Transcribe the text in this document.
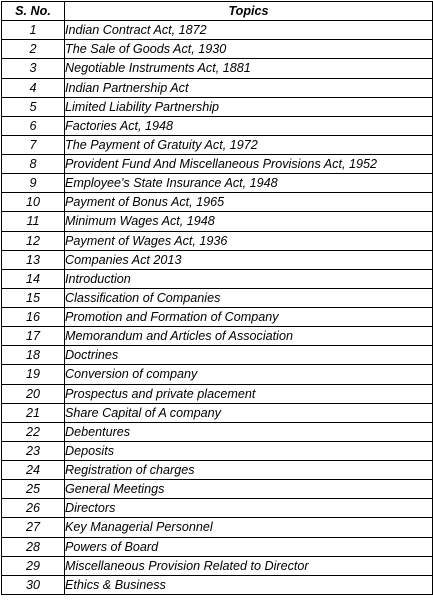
S. No.	Topics
1	Indian Contract Act, 1872
2	The Sale of Goods Act, 1930
3	Negotiable Instruments Act, 1881
4	Indian Partnership Act
5	Limited Liability Partnership
6	Factories Act, 1948
7	The Payment of Gratuity Act, 1972
8	Provident Fund And Miscellaneous Provisions Act, 1952
9	Employee's State Insurance Act, 1948
10	Payment of Bonus Act, 1965
11	Minimum Wages Act, 1948
12	Payment of Wages Act, 1936
13	Companies Act 2013
14	Introduction
15	Classification of Companies
16	Promotion and Formation of Company
17	Memorandum and Articles of Association
18	Doctrines
19	Conversion of company
20	Prospectus and private placement
21	Share Capital of A company
22	Debentures
23	Deposits
24	Registration of charges
25	General Meetings
26	Directors
27	Key Managerial Personnel
28	Powers of Board
29	Miscellaneous Provision Related to Director
30	Ethics & Business
